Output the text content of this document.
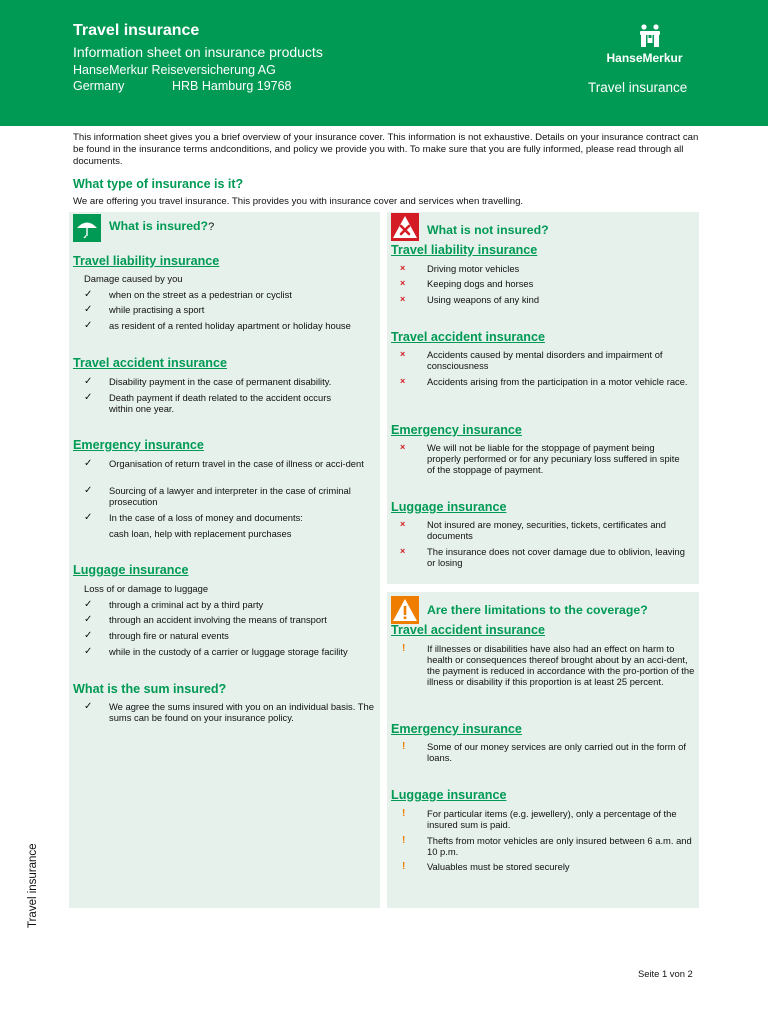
Travel insurance
Information sheet on insurance products
HanseMerkur Reiseversicherung AG
Germany	HRB Hamburg 19768
HanseMerkur
Travel insurance
This information sheet gives you a brief overview of your insurance cover. This information is not exhaustive. Details on your insurance contract can be found in the insurance terms andconditions, and policy we provide you with. To make sure that you are fully informed, please read through all documents.
What type of insurance is it?
We are offering you travel insurance. This provides you with insurance cover and services when travelling.
What is insured??
Travel liability insurance
Damage caused by you
✓ when on the street as a pedestrian or cyclist
✓ while practising a sport
✓ as resident of a rented holiday apartment or holiday house
Travel accident insurance
✓ Disability payment in the case of permanent disability.
✓ Death payment if death related to the accident occurs within one year.
Emergency insurance
✓ Organisation of return travel in the case of illness or acci-dent
✓ Sourcing of a lawyer and interpreter in the case of criminal prosecution
✓ In the case of a loss of money and documents:
cash loan, help with replacement purchases
Luggage insurance
Loss of or damage to luggage
✓ through a criminal act by a third party
✓ through an accident involving the means of transport
✓ through fire or natural events
✓ while in the custody of a carrier or luggage storage facility
What is the sum insured?
✓ We agree the sums insured with you on an individual basis. The sums can be found on your insurance policy.
What is not insured?
Travel liability insurance
× Driving motor vehicles
× Keeping dogs and horses
× Using weapons of any kind
Travel accident insurance
× Accidents caused by mental disorders and impairment of consciousness
× Accidents arising from the participation in a motor vehicle race.
Emergency insurance
× We will not be liable for the stoppage of payment being properly performed or for any pecuniary loss suffered in spite of the stoppage of payment.
Luggage insurance
× Not insured are money, securities, tickets, certificates and documents
× The insurance does not cover damage due to oblivion, leaving or losing
Are there limitations to the coverage?
Travel accident insurance
! If illnesses or disabilities have also had an effect on harm to health or consequences thereof brought about by an acci-dent, the payment is reduced in accordance with the pro-portion of the illness or disability if this proportion is at least 25 percent.
Emergency insurance
! Some of our money services are only carried out in the form of loans.
Luggage insurance
! For particular items (e.g. jewellery), only a percentage of the insured sum is paid.
! Thefts from motor vehicles are only insured between 6 a.m. and 10 p.m.
! Valuables must be stored securely
Travel insurance
Seite 1 von 2
